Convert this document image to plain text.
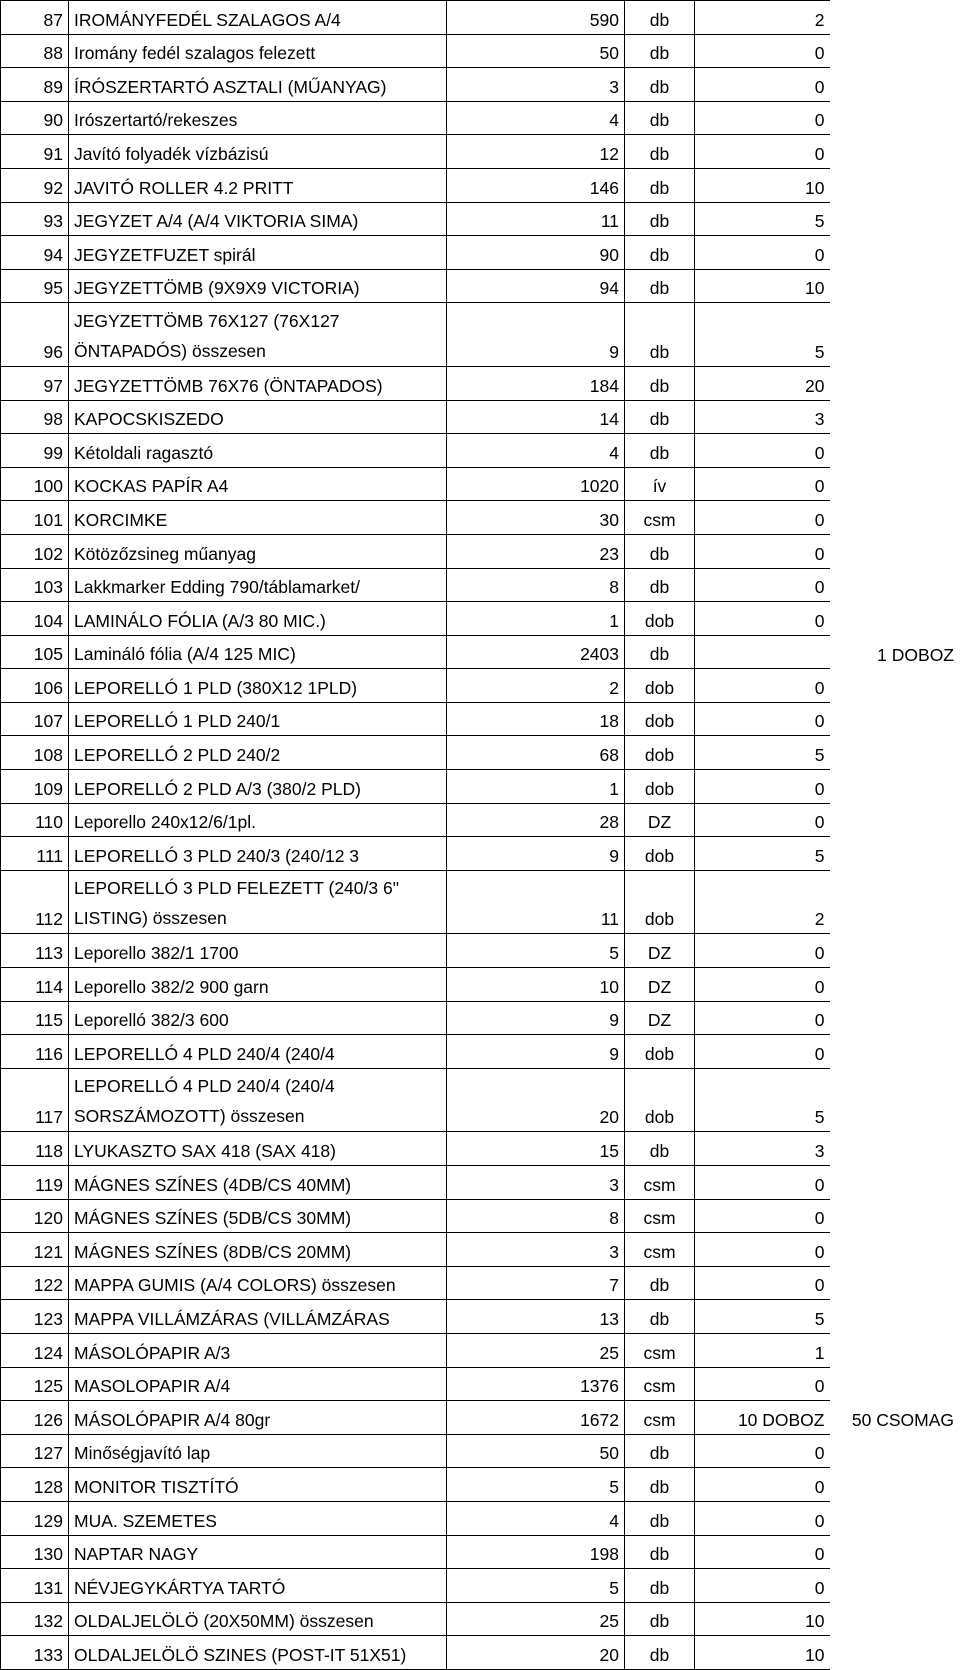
87	IROMÁNYFEDÉL SZALAGOS A/4	590	db	2	
88	Iromány fedél szalagos felezett	50	db	0	
89	ÍRÓSZERTARTÓ ASZTALI (MŰANYAG)	3	db	0	
90	Irószertartó/rekeszes	4	db	0	
91	Javító folyadék vízbázisú	12	db	0	
92	JAVITÓ ROLLER 4.2 PRITT	146	db	10	
93	JEGYZET A/4 (A/4 VIKTORIA SIMA)	11	db	5	
94	JEGYZETFUZET spirál	90	db	0	
95	JEGYZETTÖMB (9X9X9 VICTORIA)	94	db	10	
96	JEGYZETTÖMB 76X127 (76X127 ÖNTAPADÓS) összesen	9	db	5	
97	JEGYZETTÖMB 76X76 (ÖNTAPADOS)	184	db	20	
98	KAPOCSKISZEDO	14	db	3	
99	Kétoldali ragasztó	4	db	0	
100	KOCKAS PAPÍR A4	1020	ív	0	
101	KORCIMKE	30	csm	0	
102	Kötözőzsineg műanyag	23	db	0	
103	Lakkmarker Edding 790/táblamarket/	8	db	0	
104	LAMINÁLO FÓLIA (A/3 80 MIC.)	1	dob	0	
105	Lamináló fólia (A/4 125 MIC)	2403	db		1 DOBOZ
106	LEPORELLÓ 1 PLD (380X12 1PLD)	2	dob	0	
107	LEPORELLÓ 1 PLD 240/1	18	dob	0	
108	LEPORELLÓ 2 PLD 240/2	68	dob	5	
109	LEPORELLÓ 2 PLD A/3 (380/2 PLD)	1	dob	0	
110	Leporello 240x12/6/1pl.	28	DZ	0	
111	LEPORELLÓ 3 PLD 240/3 (240/12 3	9	dob	5	
112	LEPORELLÓ 3 PLD FELEZETT (240/3 6" LISTING) összesen	11	dob	2	
113	Leporello 382/1 1700	5	DZ	0	
114	Leporello 382/2 900 garn	10	DZ	0	
115	Leporelló 382/3 600	9	DZ	0	
116	LEPORELLÓ 4 PLD 240/4 (240/4	9	dob	0	
117	LEPORELLÓ 4 PLD 240/4 (240/4 SORSZÁMOZOTT) összesen	20	dob	5	
118	LYUKASZTO SAX 418 (SAX 418)	15	db	3	
119	MÁGNES SZÍNES (4DB/CS 40MM)	3	csm	0	
120	MÁGNES SZÍNES (5DB/CS 30MM)	8	csm	0	
121	MÁGNES SZÍNES (8DB/CS 20MM)	3	csm	0	
122	MAPPA GUMIS (A/4 COLORS) összesen	7	db	0	
123	MAPPA VILLÁMZÁRAS (VILLÁMZÁRAS	13	db	5	
124	MÁSOLÓPAPIR A/3	25	csm	1	
125	MASOLOPAPIR A/4	1376	csm	0	
126	MÁSOLÓPAPIR A/4 80gr	1672	csm	10 DOBOZ	50 CSOMAG
127	Minőségjavító lap	50	db	0	
128	MONITOR TISZTÍTÓ	5	db	0	
129	MUA. SZEMETES	4	db	0	
130	NAPTAR NAGY	198	db	0	
131	NÉVJEGYKÁRTYA TARTÓ	5	db	0	
132	OLDALJELÖLÖ (20X50MM) összesen	25	db	10	
133	OLDALJELÖLÖ SZINES (POST-IT 51X51)	20	db	10	
